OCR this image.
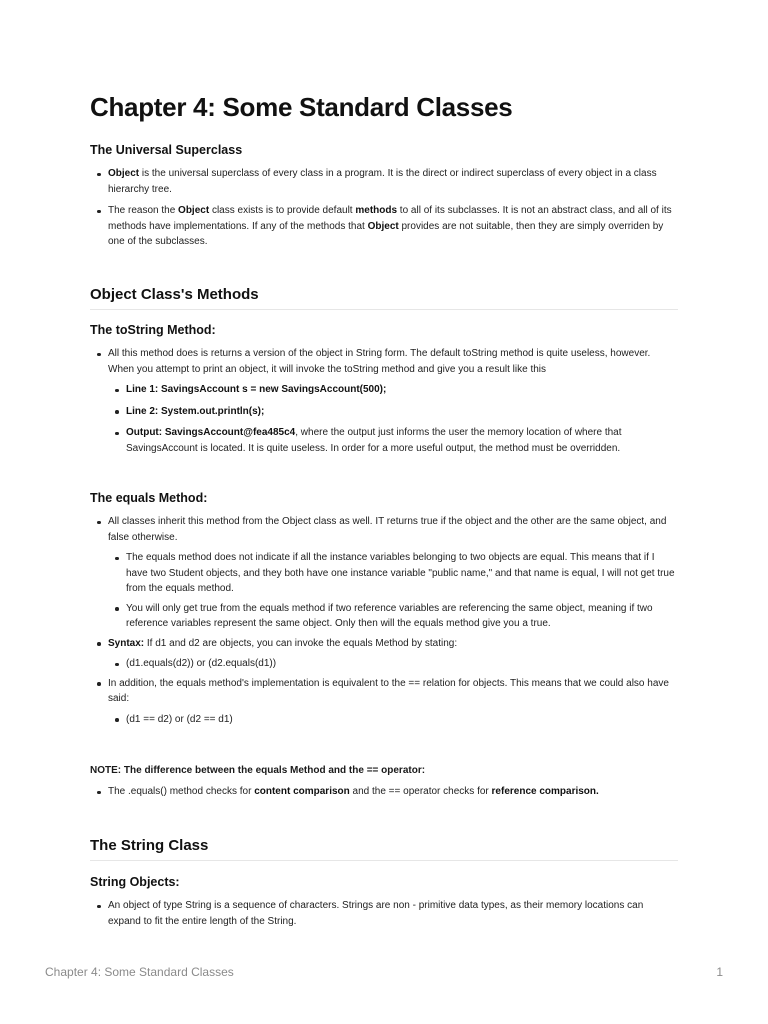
Chapter 4: Some Standard Classes

The Universal Superclass

Object is the universal superclass of every class in a program. It is the direct or indirect superclass of every object in a class hierarchy tree.
The reason the Object class exists is to provide default methods to all of its subclasses. It is not an abstract class, and all of its methods have implementations. If any of the methods that Object provides are not suitable, then they are simply overriden by one of the subclasses.

Object Class's Methods

The toString Method:

All this method does is returns a version of the object in String form. The default toString method is quite useless, however. When you attempt to print an object, it will invoke the toString method and give you a result like this
Line 1: SavingsAccount s = new SavingsAccount(500);
Line 2: System.out.println(s);
Output: SavingsAccount@fea485c4, where the output just informs the user the memory location of where that SavingsAccount is located. It is quite useless. In order for a more useful output, the method must be overridden.

The equals Method:

All classes inherit this method from the Object class as well. IT returns true if the object and the other are the same object, and false otherwise.
The equals method does not indicate if all the instance variables belonging to two objects are equal. This means that if I have two Student objects, and they both have one instance variable "public name," and that name is equal, I will not get true from the equals method.
You will only get true from the equals method if two reference variables are referencing the same object, meaning if two reference variables represent the same object. Only then will the equals method give you a true.
Syntax: If d1 and d2 are objects, you can invoke the equals Method by stating:
(d1.equals(d2)) or (d2.equals(d1))
In addition, the equals method's implementation is equivalent to the == relation for objects. This means that we could also have said:
(d1 == d2) or (d2 == d1)

NOTE: The difference between the equals Method and the == operator:

The .equals() method checks for content comparison and the == operator checks for reference comparison.

The String Class

String Objects:

An object of type String is a sequence of characters. Strings are non - primitive data types, as their memory locations can expand to fit the entire length of the String.
Chapter 4: Some Standard Classes	1
